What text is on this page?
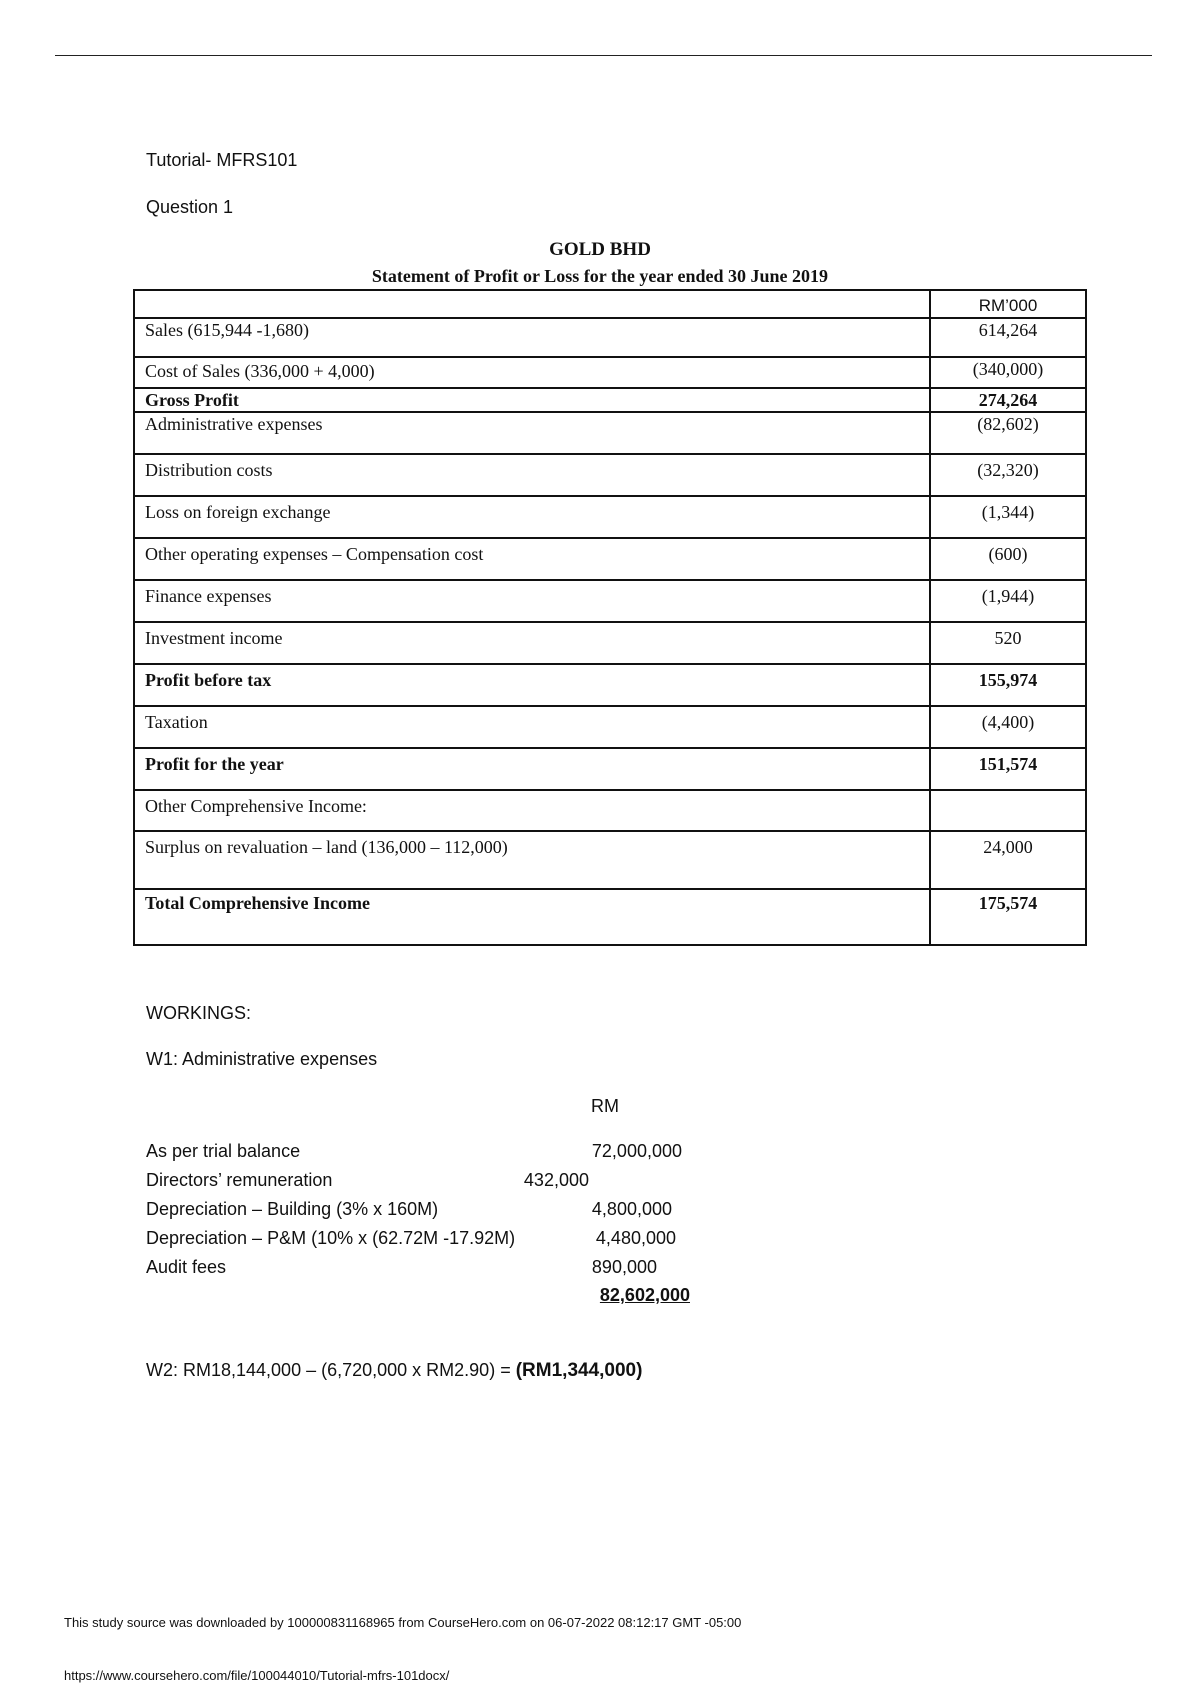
Tutorial- MFRS101
Question 1
GOLD BHD
Statement of Profit or Loss for the year ended 30 June 2019
	RM’000
Sales (615,944 -1,680)	614,264
Cost of Sales (336,000 + 4,000)	(340,000)
Gross Profit	274,264
Administrative expenses	(82,602)
Distribution costs	(32,320)
Loss on foreign exchange	(1,344)
Other operating expenses – Compensation cost	(600)
Finance expenses	(1,944)
Investment income	520
Profit before tax	155,974
Taxation	(4,400)
Profit for the year	151,574
Other Comprehensive Income:	
Surplus on revaluation – land (136,000 – 112,000)	24,000
Total Comprehensive Income	175,574
WORKINGS:
W1: Administrative expenses
RM
As per trial balance	72,000,000
Directors’ remuneration	432,000
Depreciation – Building (3% x 160M)	4,800,000
Depreciation – P&M (10% x (62.72M -17.92M)	4,480,000
Audit fees	890,000
82,602,000
W2: RM18,144,000 – (6,720,000 x RM2.90) = (RM1,344,000)
This study source was downloaded by 100000831168965 from CourseHero.com on 06-07-2022 08:12:17 GMT -05:00
https://www.coursehero.com/file/100044010/Tutorial-mfrs-101docx/
